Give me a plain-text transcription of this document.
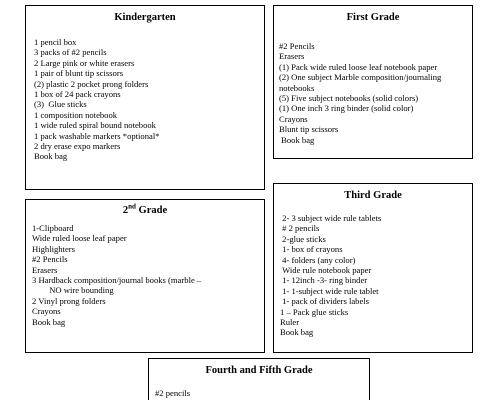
Kindergarten
1 pencil box
3 packs of #2 pencils
2 Large pink or white erasers
1 pair of blunt tip scissors
(2) plastic 2 pocket prong folders
1 box of 24 pack crayons
(3)  Glue sticks
1 composition notebook
1 wide ruled spiral bound notebook
1 pack washable markers *optional*
2 dry erase expo markers
Book bag
First Grade
#2 Pencils
Erasers
(1) Pack wide ruled loose leaf notebook paper
(2) One subject Marble composition/journaling notebooks
(5) Five subject notebooks (solid colors)
(1) One inch 3 ring binder (solid color)
Crayons
Blunt tip scissors
Book bag
2nd Grade
1-Clipboard
Wide ruled loose leaf paper
Highlighters
#2 Pencils
Erasers
3 Hardback composition/journal books (marble –
NO wire bounding
2 Vinyl prong folders
Crayons
Book bag
Third Grade
2- 3 subject wide rule tablets
# 2 pencils
2-glue sticks
1- box of crayons
4- folders (any color)
Wide rule notebook paper
1- 12inch -3- ring binder
1- 1-subject wide rule tablet
1- pack of dividers labels
1 – Pack glue sticks
Ruler
Book bag
Fourth and Fifth Grade
#2 pencils
